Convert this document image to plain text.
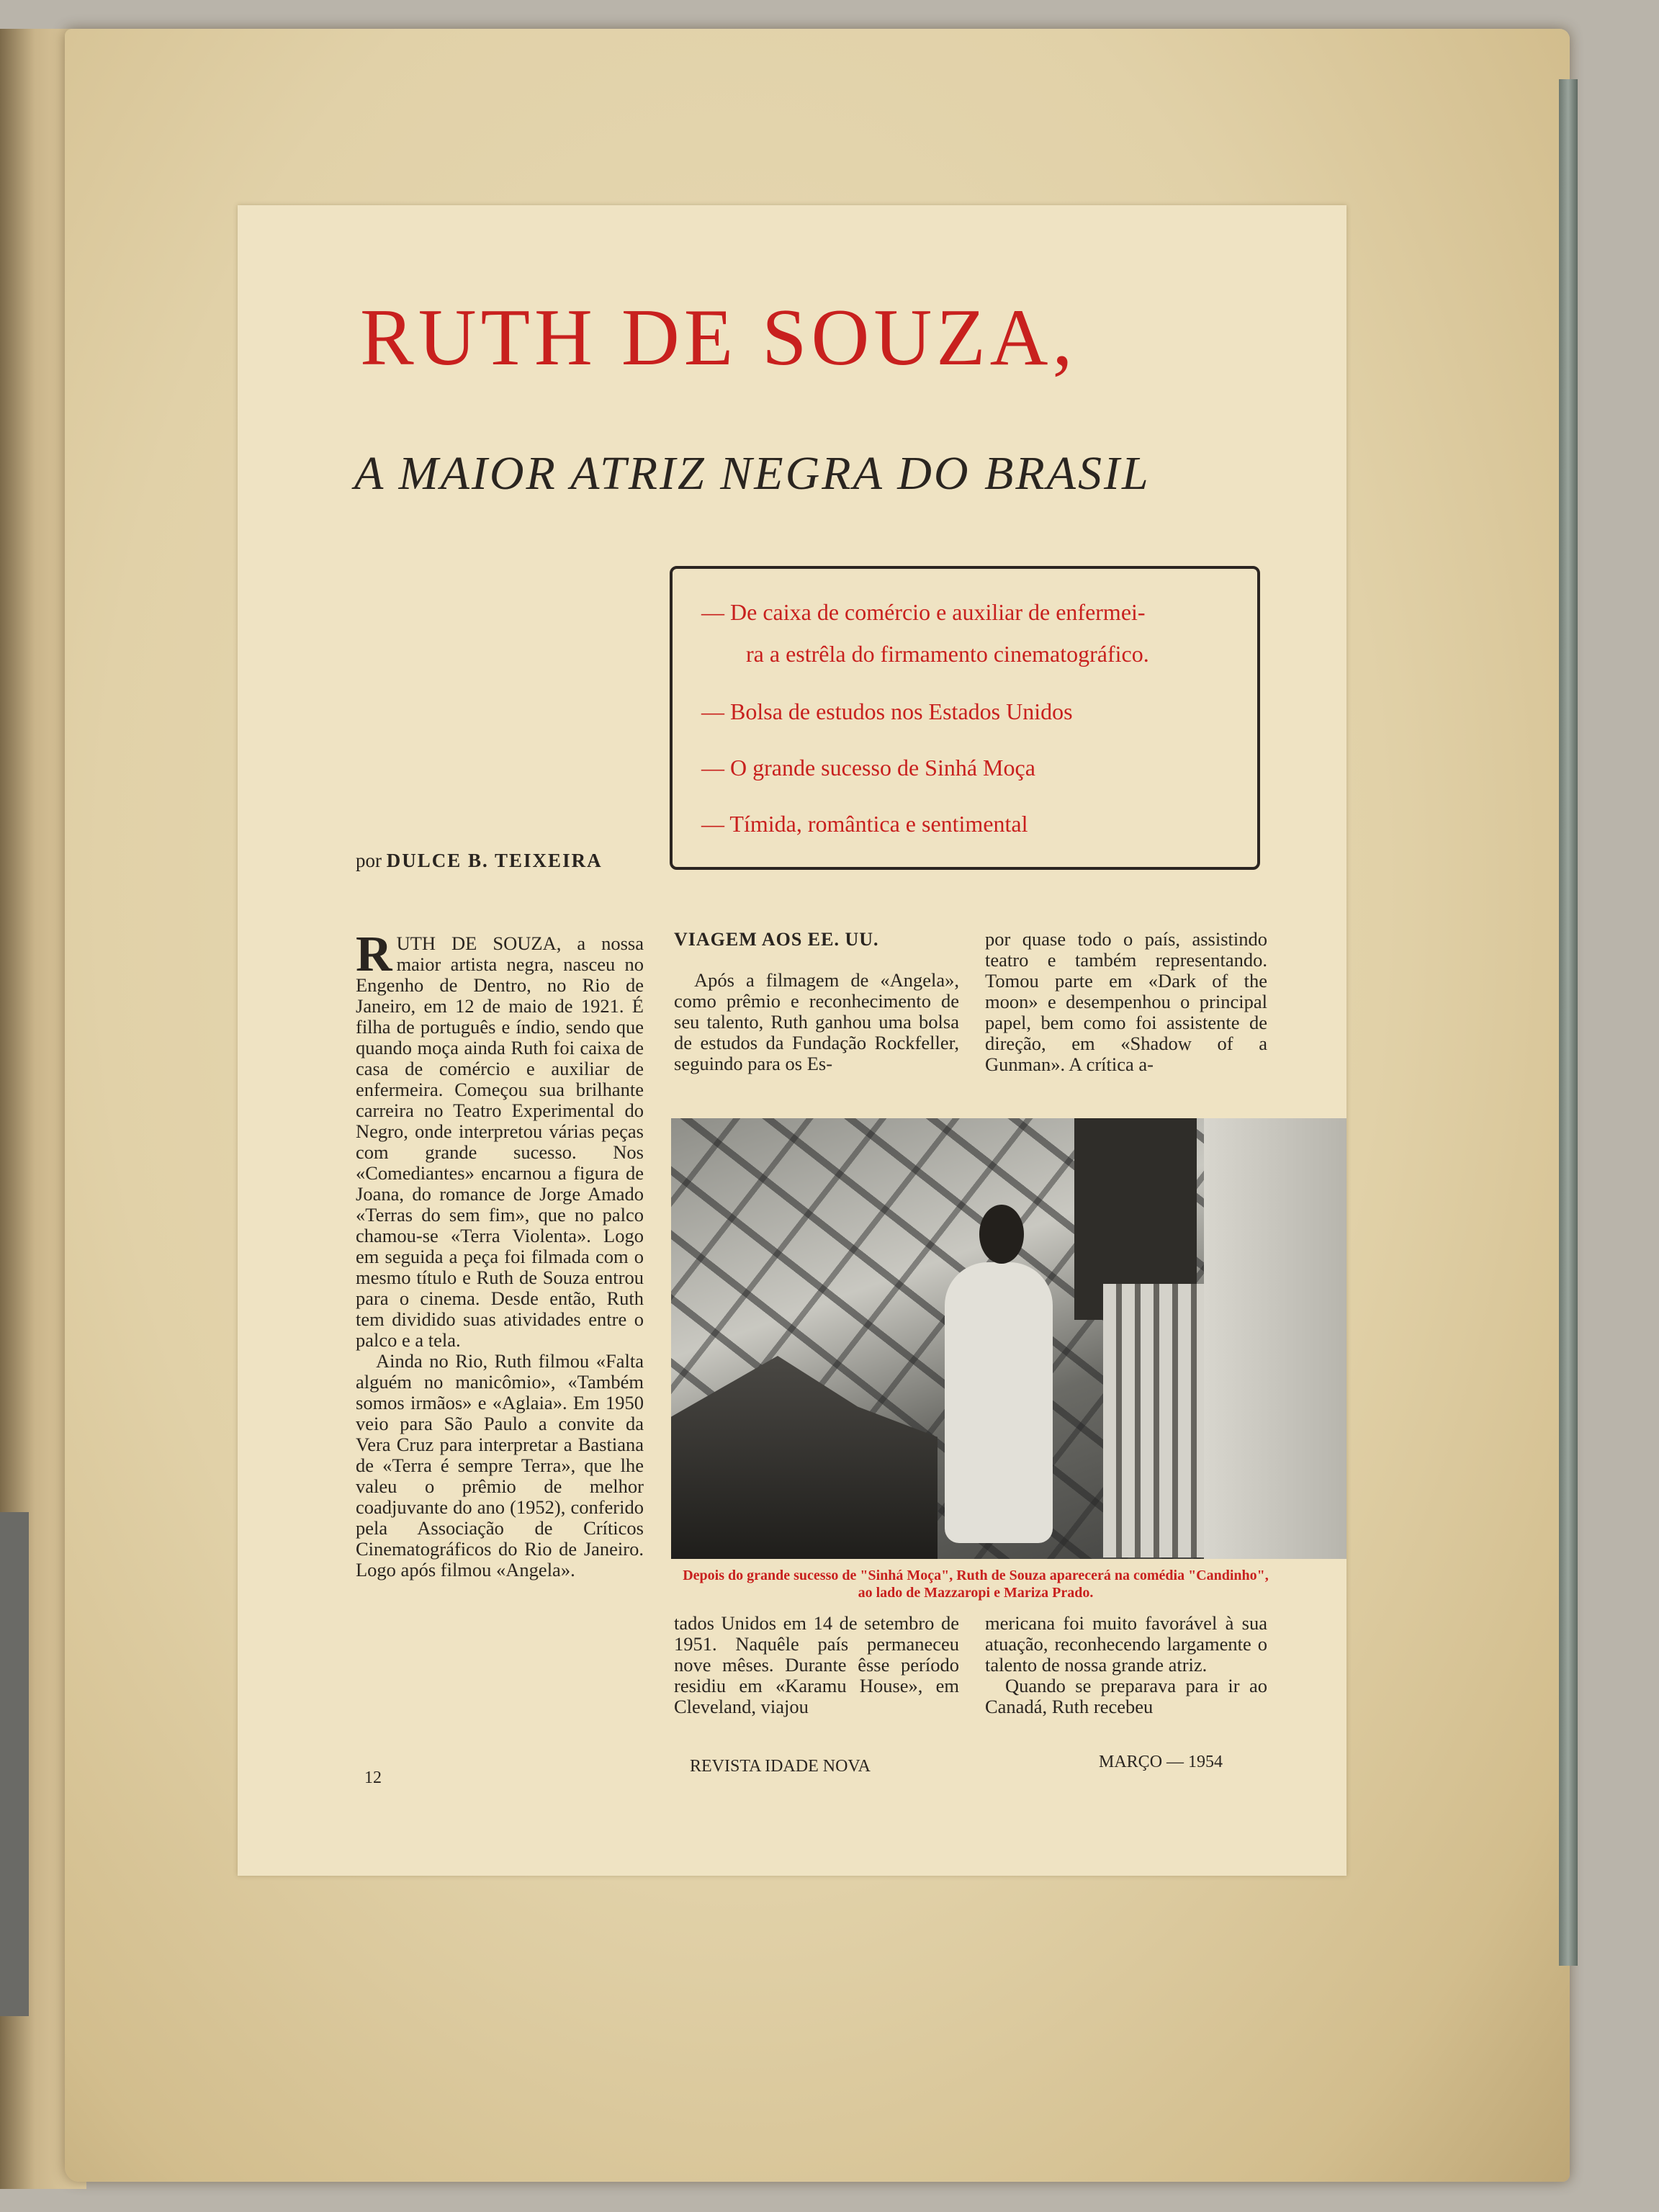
RUTH DE SOUZA,
A MAIOR ATRIZ NEGRA DO BRASIL
— De caixa de comércio e auxiliar de enfermei-
ra a estrêla do firmamento cinematográfico.
— Bolsa de estudos nos Estados Unidos
— O grande sucesso de Sinhá Moça
— Tímida, romântica e sentimental
por DULCE B. TEIXEIRA

RUTH DE SOUZA, a nossa maior artista negra, nasceu no Engenho de Dentro, no Rio de Janeiro, em 12 de maio de 1921. É filha de português e índio, sendo que quando moça ainda Ruth foi caixa de casa de comércio e auxiliar de enfermeira. Começou sua brilhante carreira no Teatro Experimental do Negro, onde interpretou várias peças com grande sucesso. Nos «Comediantes» encarnou a figura de Joana, do romance de Jorge Amado «Terras do sem fim», que no palco chamou-se «Terra Violenta». Logo em seguida a peça foi filmada com o mesmo título e Ruth de Souza entrou para o cinema. Desde então, Ruth tem dividido suas atividades entre o palco e a tela.

Ainda no Rio, Ruth filmou «Falta alguém no manicômio», «Também somos irmãos» e «Aglaia». Em 1950 veio para São Paulo a convite da Vera Cruz para interpretar a Bastiana de «Terra é sempre Terra», que lhe valeu o prêmio de melhor coadjuvante do ano (1952), conferido pela Associação de Críticos Cinematográficos do Rio de Janeiro. Logo após filmou «Angela».

VIAGEM AOS EE. UU.

Após a filmagem de «Angela», como prêmio e reconhecimento de seu talento, Ruth ganhou uma bolsa de estudos da Fundação Rockfeller, seguindo para os Es-

tados Unidos em 14 de setembro de 1951. Naquêle país permaneceu nove mêses. Durante êsse período residiu em «Karamu House», em Cleveland, viajou

por quase todo o país, assistindo teatro e também representando. Tomou parte em «Dark of the moon» e desempenhou o principal papel, bem como foi assistente de direção, em «Shadow of a Gunman». A crítica a-

mericana foi muito favorável à sua atuação, reconhecendo largamente o talento de nossa grande atriz.

Quando se preparava para ir ao Canadá, Ruth recebeu

Depois do grande sucesso de "Sinhá Moça", Ruth de Souza aparecerá na comédia "Candinho", ao lado de Mazzaropi e Mariza Prado.
12
REVISTA IDADE NOVA	MARÇO — 1954
